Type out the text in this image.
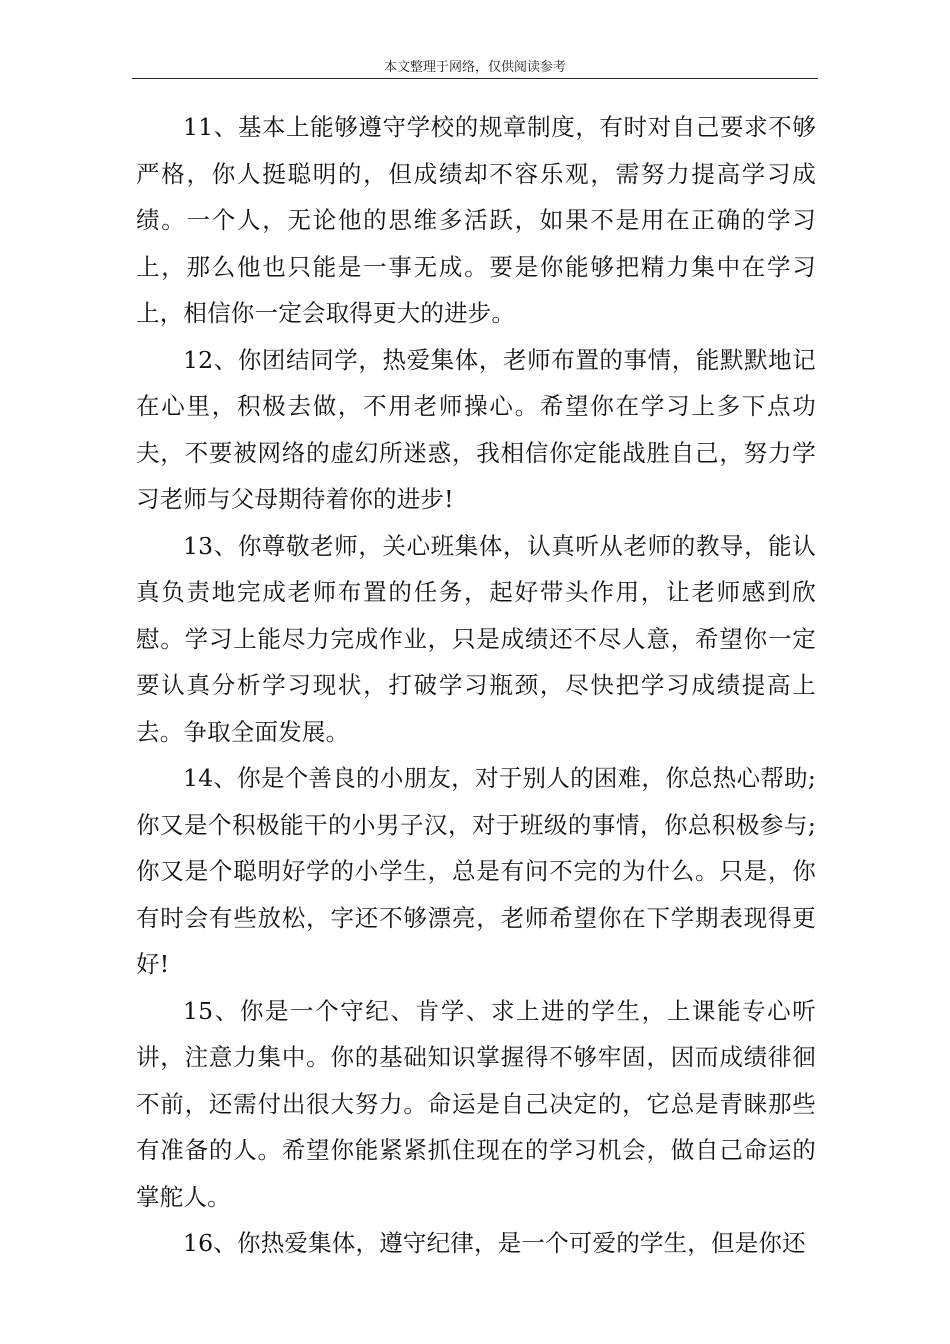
本文整理于网络，仅供阅读参考

11、基本上能够遵守学校的规章制度，有时对自己要求不够严格，你人挺聪明的，但成绩却不容乐观，需努力提高学习成绩。一个人，无论他的思维多活跃，如果不是用在正确的学习上，那么他也只能是一事无成。要是你能够把精力集中在学习上，相信你一定会取得更大的进步。

12、你团结同学，热爱集体，老师布置的事情，能默默地记在心里，积极去做，不用老师操心。希望你在学习上多下点功夫，不要被网络的虚幻所迷惑，我相信你定能战胜自己，努力学习老师与父母期待着你的进步!

13、你尊敬老师，关心班集体，认真听从老师的教导，能认真负责地完成老师布置的任务，起好带头作用，让老师感到欣慰。学习上能尽力完成作业，只是成绩还不尽人意，希望你一定要认真分析学习现状，打破学习瓶颈，尽快把学习成绩提高上去。争取全面发展。

14、你是个善良的小朋友，对于别人的困难，你总热心帮助;你又是个积极能干的小男子汉，对于班级的事情，你总积极参与;你又是个聪明好学的小学生，总是有问不完的为什么。只是，你有时会有些放松，字还不够漂亮，老师希望你在下学期表现得更好!

15、你是一个守纪、肯学、求上进的学生，上课能专心听讲，注意力集中。你的基础知识掌握得不够牢固，因而成绩徘徊不前，还需付出很大努力。命运是自己决定的，它总是青睐那些有准备的人。希望你能紧紧抓住现在的学习机会，做自己命运的掌舵人。

16、你热爱集体，遵守纪律，是一个可爱的学生，但是你还
